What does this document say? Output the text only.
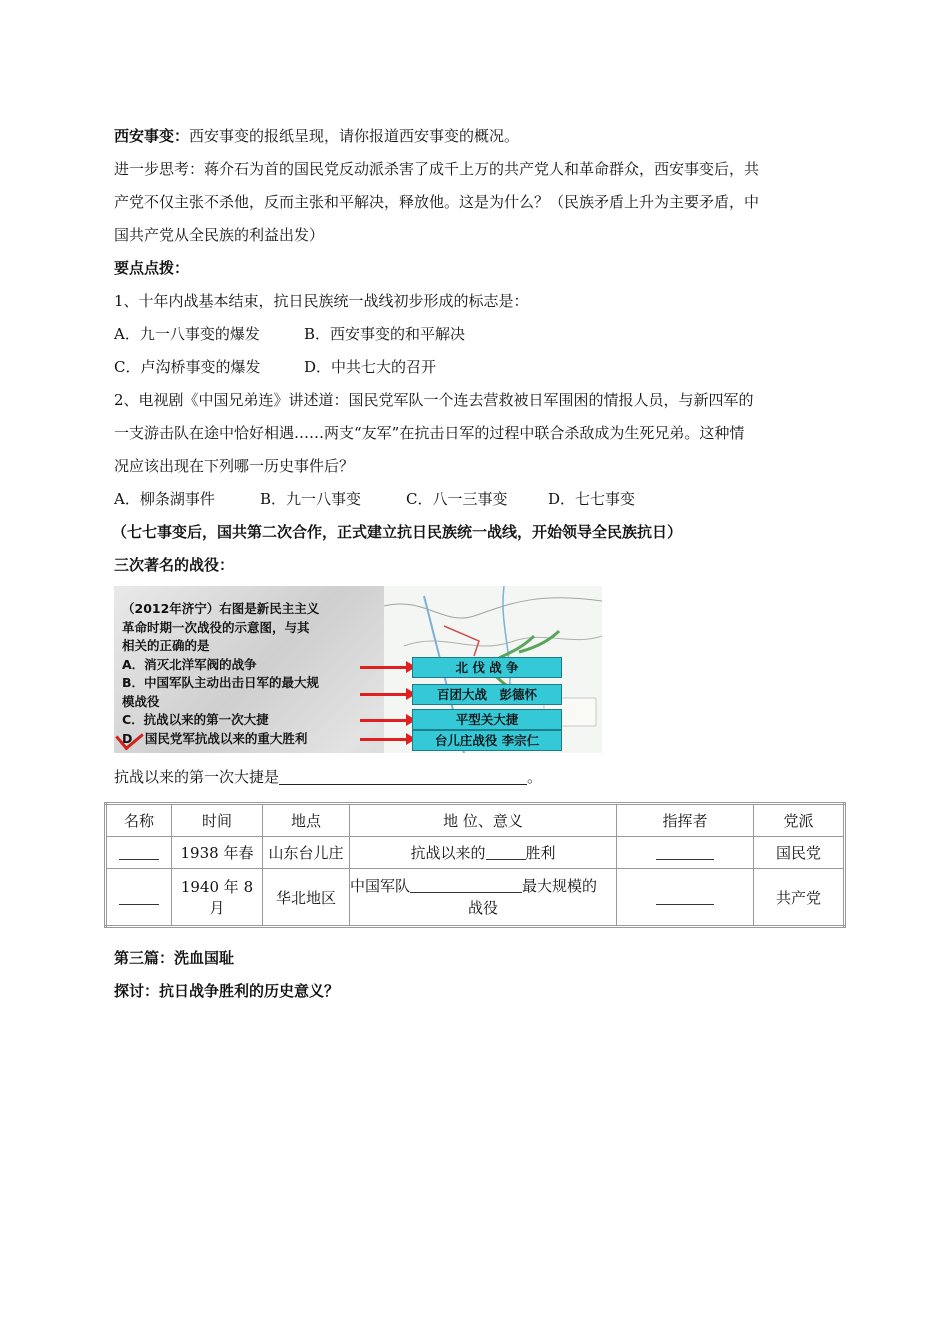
西安事变：西安事变的报纸呈现，请你报道西安事变的概况。

进一步思考：蒋介石为首的国民党反动派杀害了成千上万的共产党人和革命群众，西安事变后，共

产党不仅主张不杀他，反而主张和平解决，释放他。这是为什么？（民族矛盾上升为主要矛盾，中

国共产党从全民族的利益出发）

要点点拨：

1、十年内战基本结束，抗日民族统一战线初步形成的标志是：

A．九一八事变的爆发	B．西安事变的和平解决

C．卢沟桥事变的爆发	D．中共七大的召开

2、电视剧《中国兄弟连》讲述道：国民党军队一个连去营救被日军围困的情报人员，与新四军的

一支游击队在途中恰好相遇……两支“友军”在抗击日军的过程中联合杀敌成为生死兄弟。这种情

况应该出现在下列哪一历史事件后？

A．柳条湖事件	B．九一八事变	C．八一三事变	D．七七事变

（七七事变后，国共第二次合作，正式建立抗日民族统一战线，开始领导全民族抗日）

三次著名的战役：

（2012年济宁）右图是新民主主义
革命时期一次战役的示意图，与其
相关的正确的是
A．消灭北洋军阀的战争
B．中国军队主动出击日军的最大规
模战役
C．抗战以来的第一次大捷
D．国民党军抗战以来的重大胜利
北 伐 战 争
百团大战　彭德怀
平型关大捷
台儿庄战役 李宗仁

抗战以来的第一次大捷是	。

名称	时间	地点	地 位、意义	指挥者	党派
	1938 年春	山东台儿庄	抗战以来的 胜利		国民党
	1940 年 8 月	华北地区	中国军队 最大规模的
战役		共产党

第三篇：洗血国耻

探讨：抗日战争胜利的历史意义？
